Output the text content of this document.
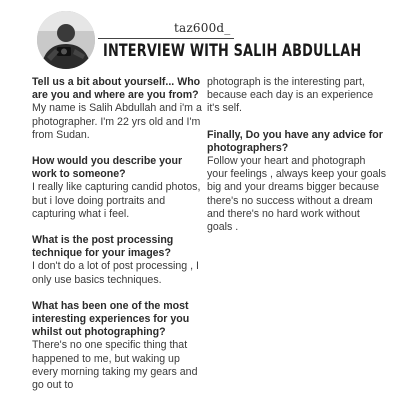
taz600d_
INTERVIEW WITH SALIH ABDULLAH

Tell us a bit about yourself... Who are you and where are you from?

My name is Salih Abdullah and i'm a photographer. I'm 22 yrs old and I'm from Sudan.

How would you describe your work to someone?

I really like capturing candid photos, but i love doing portraits and capturing what i feel.

What is the post processing technique for your images?

I don't do a lot of post processing , I only use basics techniques.

What has been one of the most interesting experiences for you whilst out photographing?

There's no one specific thing that happened to me, but waking up every morning taking my gears and go out to

photograph is the interesting part, because each day is an experience it's self.

Finally, Do you have any advice for photographers?

Follow your heart and photograph your feelings , always keep your goals big and your dreams bigger because there's no success without a dream and there's no hard work without goals .
